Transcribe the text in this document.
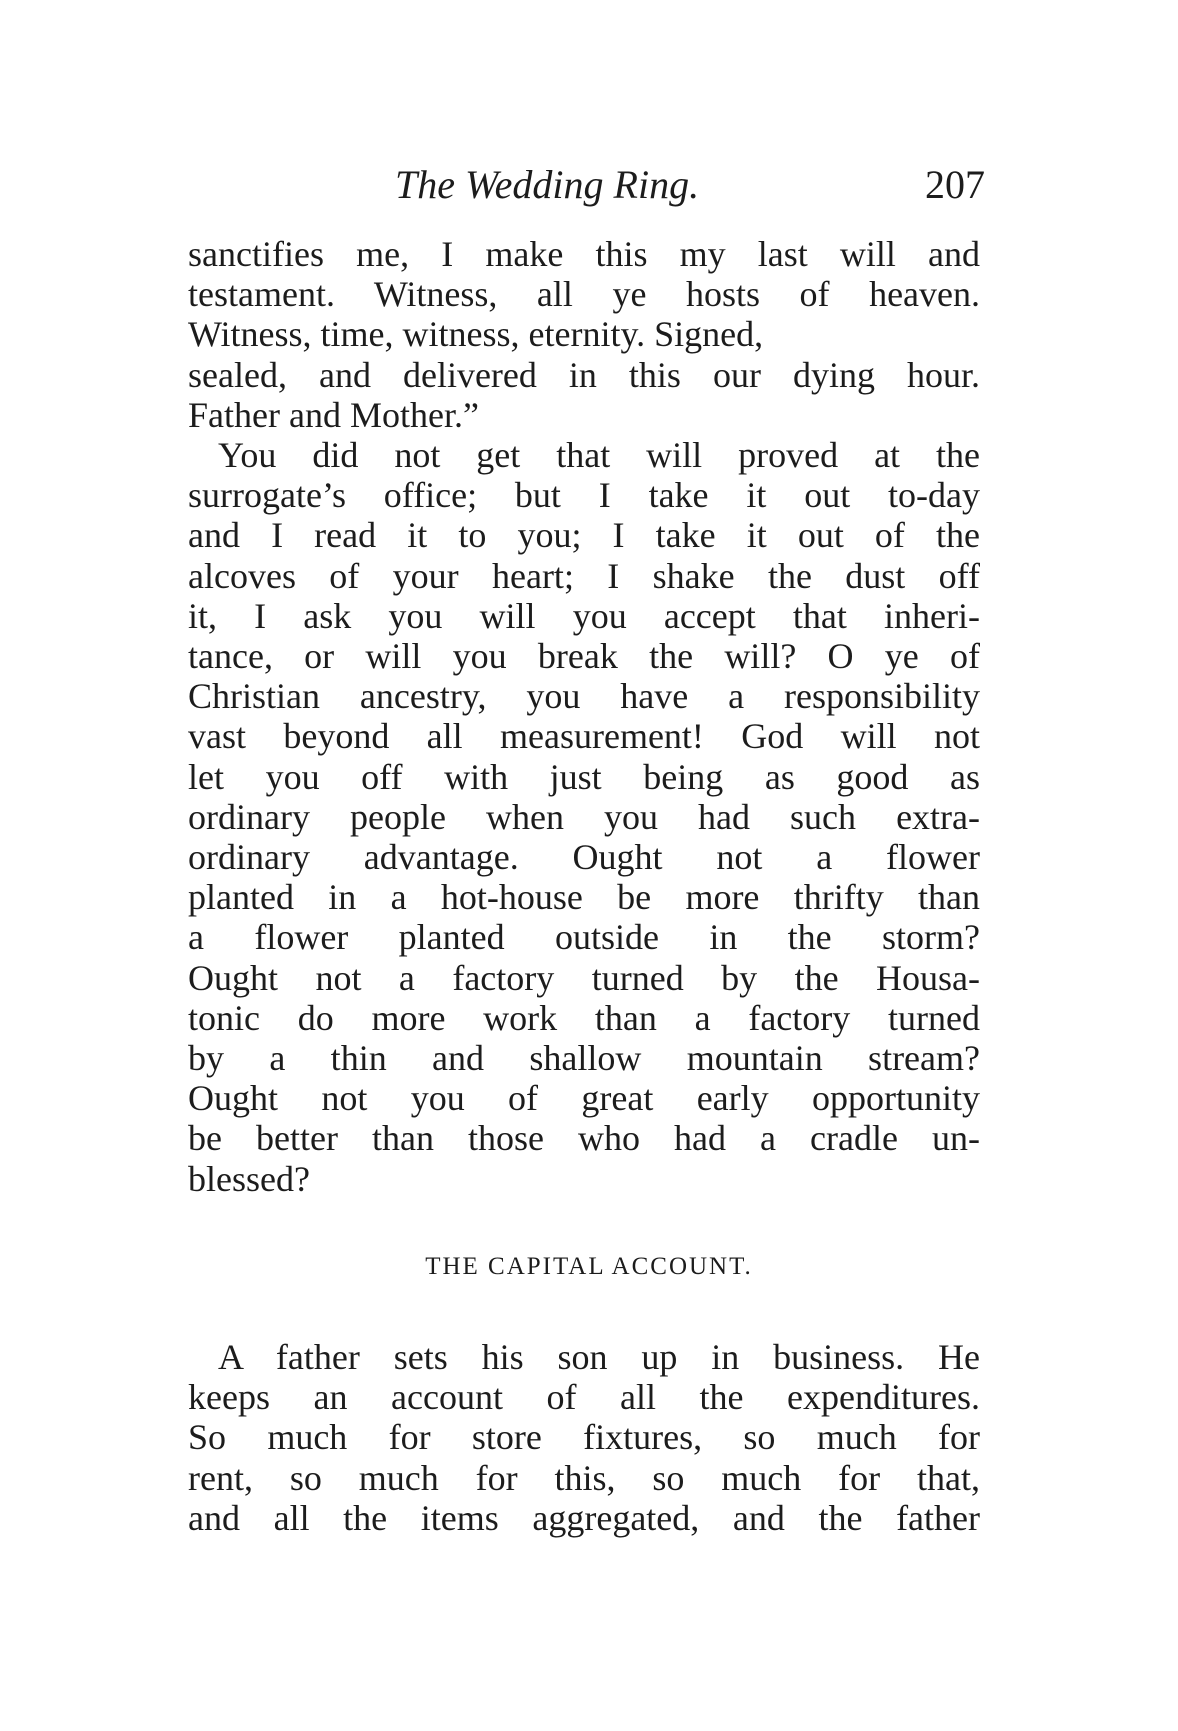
The Wedding Ring.	207
sanctifies me, I make this my last will and
testament. Witness, all ye hosts of heaven.
Witness, time, witness, eternity. Signed,
sealed, and delivered in this our dying hour.
Father and Mother.”
You did not get that will proved at the
surrogate’s office; but I take it out to-day
and I read it to you; I take it out of the
alcoves of your heart; I shake the dust off
it, I ask you will you accept that inheri-
tance, or will you break the will? O ye of
Christian ancestry, you have a responsibility
vast beyond all measurement! God will not
let you off with just being as good as
ordinary people when you had such extra-
ordinary advantage. Ought not a flower
planted in a hot-house be more thrifty than
a flower planted outside in the storm?
Ought not a factory turned by the Housa-
tonic do more work than a factory turned
by a thin and shallow mountain stream?
Ought not you of great early opportunity
be better than those who had a cradle un-
blessed?
THE CAPITAL ACCOUNT.
A father sets his son up in business. He
keeps an account of all the expenditures.
So much for store fixtures, so much for
rent, so much for this, so much for that,
and all the items aggregated, and the father
